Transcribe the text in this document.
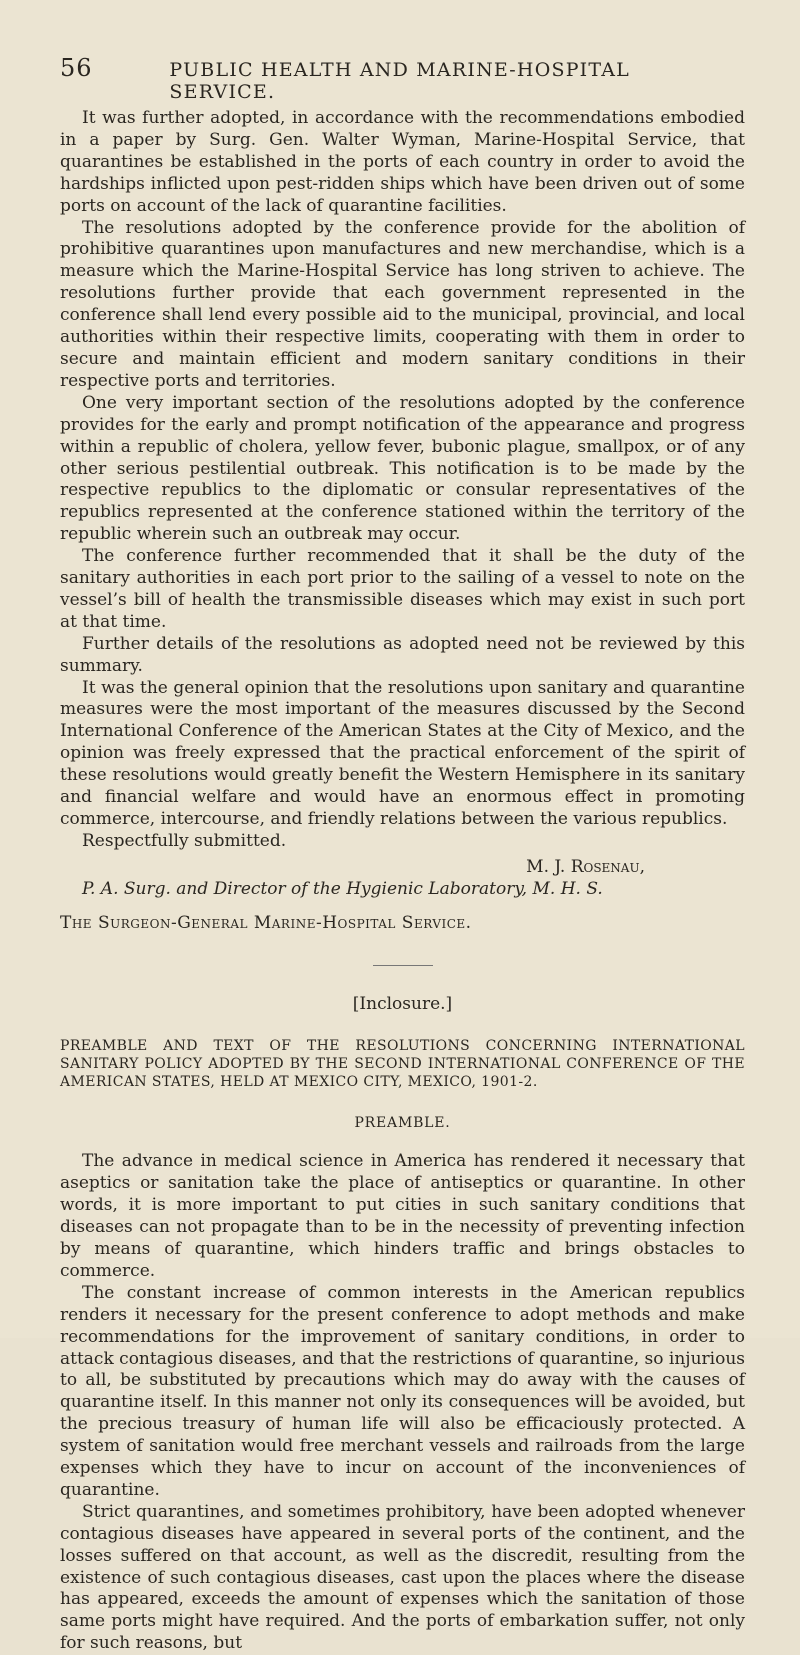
56	PUBLIC HEALTH AND MARINE-HOSPITAL SERVICE.

It was further adopted, in accordance with the recommendations embodied in a paper by Surg. Gen. Walter Wyman, Marine-Hospital Service, that quarantines be established in the ports of each country in order to avoid the hardships inflicted upon pest-ridden ships which have been driven out of some ports on account of the lack of quarantine facilities.

The resolutions adopted by the conference provide for the abolition of prohibitive quarantines upon manufactures and new merchandise, which is a measure which the Marine-Hospital Service has long striven to achieve. The resolutions further provide that each government represented in the conference shall lend every possible aid to the municipal, provincial, and local authorities within their respective limits, cooperating with them in order to secure and maintain efficient and modern sanitary conditions in their respective ports and territories.

One very important section of the resolutions adopted by the conference provides for the early and prompt notification of the appearance and progress within a republic of cholera, yellow fever, bubonic plague, smallpox, or of any other serious pestilential outbreak. This notification is to be made by the respective republics to the diplomatic or consular representatives of the republics represented at the conference stationed within the territory of the republic wherein such an outbreak may occur.

The conference further recommended that it shall be the duty of the sanitary authorities in each port prior to the sailing of a vessel to note on the vessel’s bill of health the transmissible diseases which may exist in such port at that time.

Further details of the resolutions as adopted need not be reviewed by this summary.

It was the general opinion that the resolutions upon sanitary and quarantine measures were the most important of the measures discussed by the Second International Conference of the American States at the City of Mexico, and the opinion was freely expressed that the practical enforcement of the spirit of these resolutions would greatly benefit the Western Hemisphere in its sanitary and financial welfare and would have an enormous effect in promoting commerce, intercourse, and friendly relations between the various republics.

Respectfully submitted.

M. J. Rosenau,

P. A. Surg. and Director of the Hygienic Laboratory, M. H. S.

The Surgeon-General Marine-Hospital Service.
[Inclosure.]
PREAMBLE AND TEXT OF THE RESOLUTIONS CONCERNING INTERNATIONAL SANITARY POLICY ADOPTED BY THE SECOND INTERNATIONAL CONFERENCE OF THE AMERICAN STATES, HELD AT MEXICO CITY, MEXICO, 1901-2.
PREAMBLE.

The advance in medical science in America has rendered it necessary that aseptics or sanitation take the place of antiseptics or quarantine. In other words, it is more important to put cities in such sanitary conditions that diseases can not propagate than to be in the necessity of preventing infection by means of quarantine, which hinders traffic and brings obstacles to commerce.

The constant increase of common interests in the American republics renders it necessary for the present conference to adopt methods and make recommendations for the improvement of sanitary conditions, in order to attack contagious diseases, and that the restrictions of quarantine, so injurious to all, be substituted by precautions which may do away with the causes of quarantine itself. In this manner not only its consequences will be avoided, but the precious treasury of human life will also be efficaciously protected. A system of sanitation would free merchant vessels and railroads from the large expenses which they have to incur on account of the inconveniences of quarantine.

Strict quarantines, and sometimes prohibitory, have been adopted whenever contagious diseases have appeared in several ports of the continent, and the losses suffered on that account, as well as the discredit, resulting from the existence of such contagious diseases, cast upon the places where the disease has appeared, exceeds the amount of expenses which the sanitation of those same ports might have required. And the ports of embarkation suffer, not only for such reasons, but
